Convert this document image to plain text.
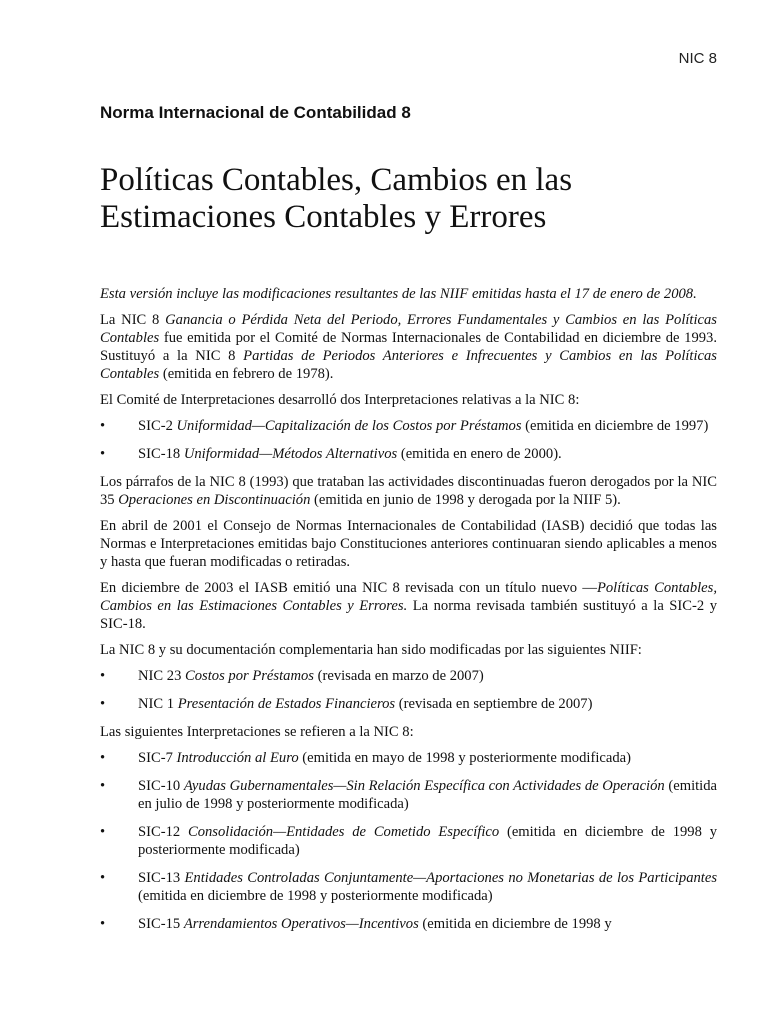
NIC 8
Norma Internacional de Contabilidad 8
Políticas Contables, Cambios en las
Estimaciones Contables y Errores

Esta versión incluye las modificaciones resultantes de las NIIF emitidas hasta el 17 de enero de 2008.

La NIC 8 Ganancia o Pérdida Neta del Periodo, Errores Fundamentales y Cambios en las Políticas Contables fue emitida por el Comité de Normas Internacionales de Contabilidad en diciembre de 1993. Sustituyó a la NIC 8 Partidas de Periodos Anteriores e Infrecuentes y Cambios en las Políticas Contables (emitida en febrero de 1978).

El Comité de Interpretaciones desarrolló dos Interpretaciones relativas a la NIC 8:

• SIC-2 Uniformidad—Capitalización de los Costos por Préstamos (emitida en diciembre de 1997)
• SIC-18 Uniformidad—Métodos Alternativos (emitida en enero de 2000).

Los párrafos de la NIC 8 (1993) que trataban las actividades discontinuadas fueron derogados por la NIC 35 Operaciones en Discontinuación (emitida en junio de 1998 y derogada por la NIIF 5).

En abril de 2001 el Consejo de Normas Internacionales de Contabilidad (IASB) decidió que todas las Normas e Interpretaciones emitidas bajo Constituciones anteriores continuaran siendo aplicables a menos y hasta que fueran modificadas o retiradas.

En diciembre de 2003 el IASB emitió una NIC 8 revisada con un título nuevo —Políticas Contables, Cambios en las Estimaciones Contables y Errores. La norma revisada también sustituyó a la SIC-2 y SIC-18.

La NIC 8 y su documentación complementaria han sido modificadas por las siguientes NIIF:

• NIC 23 Costos por Préstamos (revisada en marzo de 2007)
• NIC 1 Presentación de Estados Financieros (revisada en septiembre de 2007)

Las siguientes Interpretaciones se refieren a la NIC 8:

• SIC-7 Introducción al Euro (emitida en mayo de 1998 y posteriormente modificada)
• SIC-10 Ayudas Gubernamentales—Sin Relación Específica con Actividades de Operación (emitida en julio de 1998 y posteriormente modificada)
• SIC-12 Consolidación—Entidades de Cometido Específico (emitida en diciembre de 1998 y posteriormente modificada)
• SIC-13 Entidades Controladas Conjuntamente—Aportaciones no Monetarias de los Participantes (emitida en diciembre de 1998 y posteriormente modificada)
• SIC-15 Arrendamientos Operativos—Incentivos (emitida en diciembre de 1998 y
